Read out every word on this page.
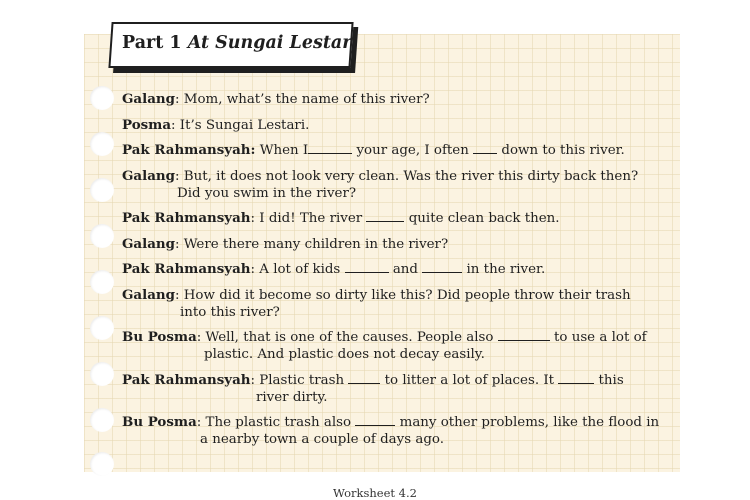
Part 1 At Sungai Lestari
Galang: Mom, what’s the name of this river?
Posma: It’s Sungai Lestari.
Pak Rahmansyah: When I	your age, I often  down to this river.
Galang: But, it does not look very clean. Was the river this dirty back then?
Did you swim in the river?
Pak Rahmansyah: I did! The river	quite clean back then.
Galang: Were there many children in the river?
Pak Rahmansyah: A lot of kids	and	in the river.
Galang: How did it become so dirty like this? Did people throw their trash
into this river?
Bu Posma: Well, that is one of the causes. People also	to use a lot of
plastic. And plastic does not decay easily.
Pak Rahmansyah: Plastic trash  to litter a lot of places. It	this
river dirty.
Bu Posma: The plastic trash also	many other problems, like the flood in
a nearby town a couple of days ago.
Worksheet 4.2
